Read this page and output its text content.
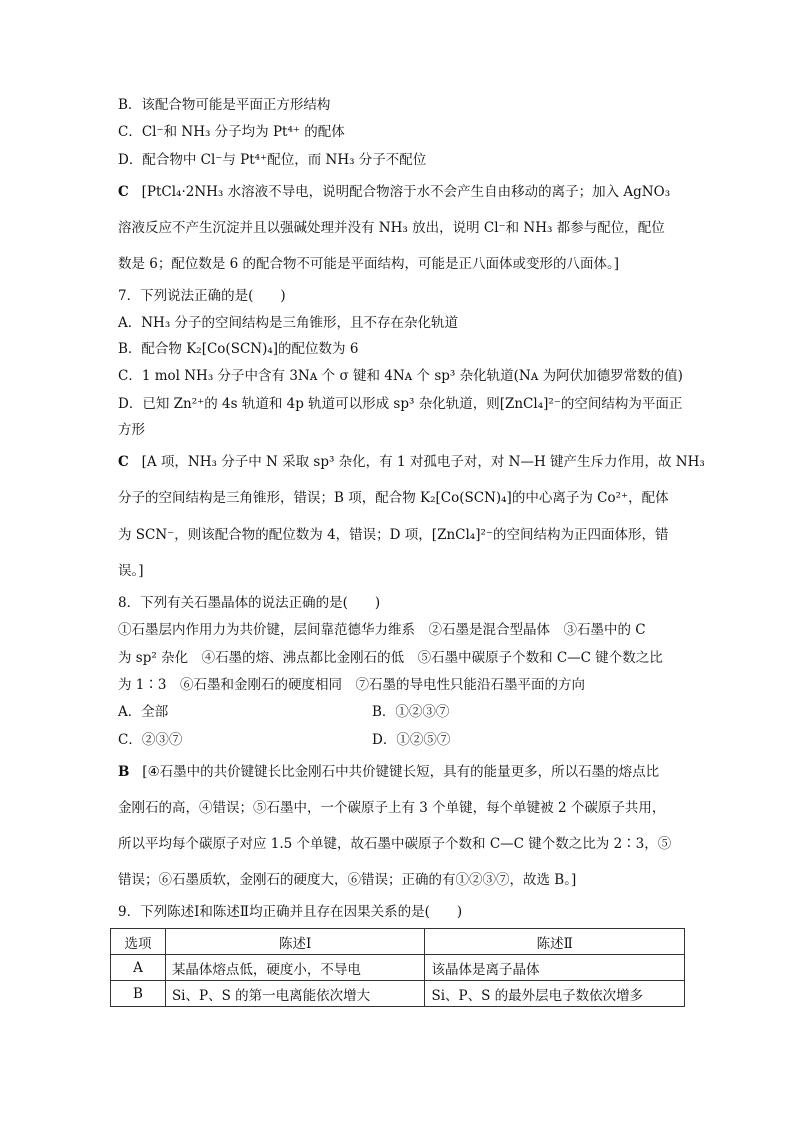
B．该配合物可能是平面正方形结构
C．Cl⁻和 NH₃ 分子均为 Pt⁴⁺ 的配体
D．配合物中 Cl⁻与 Pt⁴⁺配位，而 NH₃ 分子不配位
C [PtCl₄·2NH₃ 水溶液不导电，说明配合物溶于水不会产生自由移动的离子；加入 AgNO₃
溶液反应不产生沉淀并且以强碱处理并没有 NH₃ 放出，说明 Cl⁻和 NH₃ 都参与配位，配位
数是 6；配位数是 6 的配合物不可能是平面结构，可能是正八面体或变形的八面体。]
7．下列说法正确的是(　　)
A．NH₃ 分子的空间结构是三角锥形，且不存在杂化轨道
B．配合物 K₂[Co(SCN)₄]的配位数为 6
C．1 mol NH₃ 分子中含有 3Nᴀ 个 σ 键和 4Nᴀ 个 sp³ 杂化轨道(Nᴀ 为阿伏加德罗常数的值)
D．已知 Zn²⁺的 4s 轨道和 4p 轨道可以形成 sp³ 杂化轨道，则[ZnCl₄]²⁻的空间结构为平面正
方形
C [A 项，NH₃ 分子中 N 采取 sp³ 杂化，有 1 对孤电子对，对 N—H 键产生斥力作用，故 NH₃
分子的空间结构是三角锥形，错误；B 项，配合物 K₂[Co(SCN)₄]的中心离子为 Co²⁺，配体
为 SCN⁻，则该配合物的配位数为 4，错误；D 项，[ZnCl₄]²⁻的空间结构为正四面体形，错
误。]
8．下列有关石墨晶体的说法正确的是(　　)
①石墨层内作用力为共价键，层间靠范德华力维系　②石墨是混合型晶体　③石墨中的 C
为 sp² 杂化　④石墨的熔、沸点都比金刚石的低　⑤石墨中碳原子个数和 C—C 键个数之比
为 1∶3　⑥石墨和金刚石的硬度相同　⑦石墨的导电性只能沿石墨平面的方向
A．全部	B．①②③⑦
C．②③⑦	D．①②⑤⑦
B [④石墨中的共价键键长比金刚石中共价键键长短，具有的能量更多，所以石墨的熔点比
金刚石的高，④错误；⑤石墨中，一个碳原子上有 3 个单键，每个单键被 2 个碳原子共用，
所以平均每个碳原子对应 1.5 个单键，故石墨中碳原子个数和 C—C 键个数之比为 2∶3，⑤
错误；⑥石墨质软，金刚石的硬度大，⑥错误；正确的有①②③⑦，故选 B。]
9．下列陈述Ⅰ和陈述Ⅱ均正确并且存在因果关系的是(　　)
选项	陈述Ⅰ	陈述Ⅱ
A	某晶体熔点低，硬度小，不导电	该晶体是离子晶体
B	Si、P、S 的第一电离能依次增大	Si、P、S 的最外层电子数依次增多
